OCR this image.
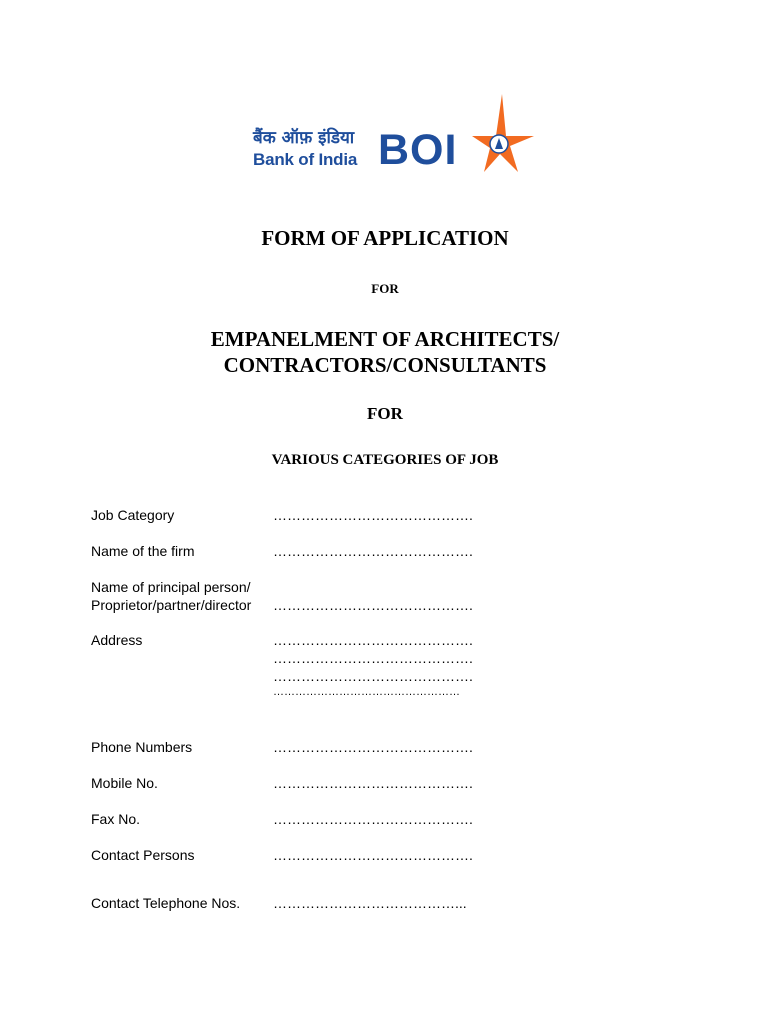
बैंक ऑफ़ इंडिया
Bank of India BOI
FORM OF APPLICATION
FOR
EMPANELMENT OF ARCHITECTS/
CONTRACTORS/CONSULTANTS
FOR
VARIOUS CATEGORIES OF JOB
Job Category	…………………………………….
Name of the firm	…………………………………….
Name of principal person/
Proprietor/partner/director …………………………………….
Address	…………………………………….
…………………………………….
…………………………………….
……………………………………………
Phone Numbers	…………………………………….
Mobile No.	…………………………………….
Fax No.	…………………………………….
Contact Persons	…………………………………….
Contact Telephone Nos. …………………………………...
